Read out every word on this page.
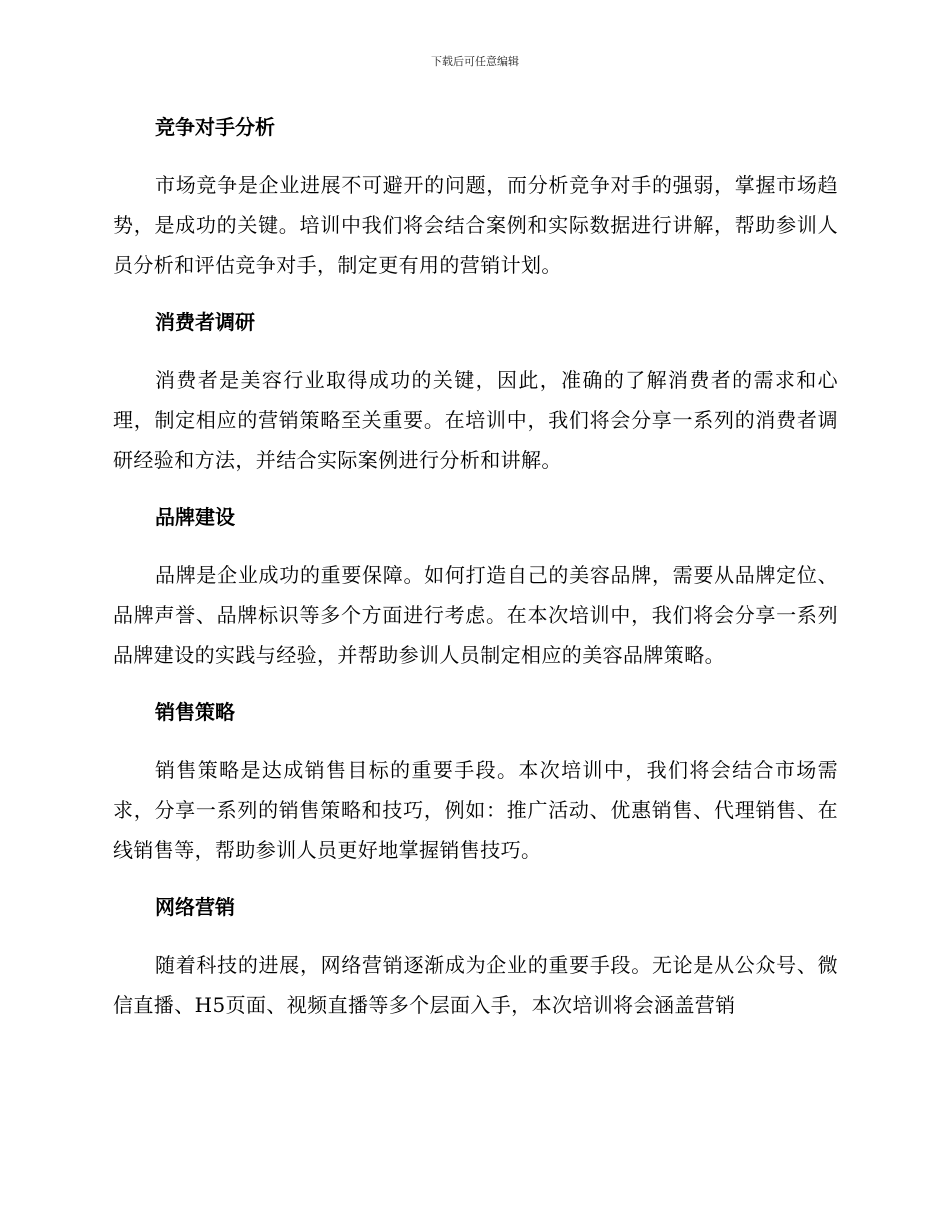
下载后可任意编辑
竞争对手分析

市场竞争是企业进展不可避开的问题，而分析竞争对手的强弱，掌握市场趋势，是成功的关键。培训中我们将会结合案例和实际数据进行讲解，帮助参训人员分析和评估竞争对手，制定更有用的营销计划。

消费者调研

消费者是美容行业取得成功的关键，因此，准确的了解消费者的需求和心理，制定相应的营销策略至关重要。在培训中，我们将会分享一系列的消费者调研经验和方法，并结合实际案例进行分析和讲解。

品牌建设

品牌是企业成功的重要保障。如何打造自己的美容品牌，需要从品牌定位、品牌声誉、品牌标识等多个方面进行考虑。在本次培训中，我们将会分享一系列品牌建设的实践与经验，并帮助参训人员制定相应的美容品牌策略。

销售策略

销售策略是达成销售目标的重要手段。本次培训中，我们将会结合市场需求，分享一系列的销售策略和技巧，例如：推广活动、优惠销售、代理销售、在线销售等，帮助参训人员更好地掌握销售技巧。

网络营销

随着科技的进展，网络营销逐渐成为企业的重要手段。无论是从公众号、微信直播、H5页面、视频直播等多个层面入手，本次培训将会涵盖营销
